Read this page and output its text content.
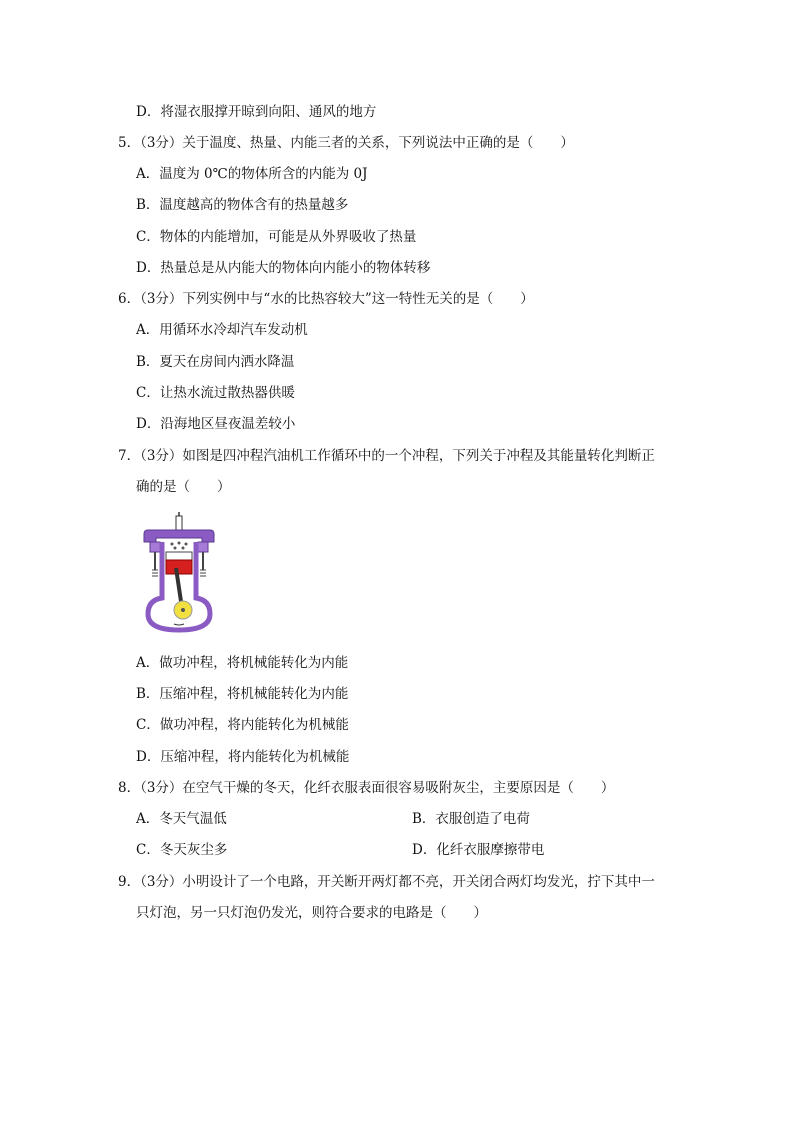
D．将湿衣服撑开晾到向阳、通风的地方
5．（3分）关于温度、热量、内能三者的关系，下列说法中正确的是（　　）
A．温度为 0℃的物体所含的内能为 0J
B．温度越高的物体含有的热量越多
C．物体的内能增加，可能是从外界吸收了热量
D．热量总是从内能大的物体向内能小的物体转移
6．（3分）下列实例中与“水的比热容较大”这一特性无关的是（　　）
A．用循环水冷却汽车发动机
B．夏天在房间内洒水降温
C．让热水流过散热器供暖
D．沿海地区昼夜温差较小
7．（3分）如图是四冲程汽油机工作循环中的一个冲程，下列关于冲程及其能量转化判断正
确的是（　　）
A．做功冲程，将机械能转化为内能
B．压缩冲程，将机械能转化为内能
C．做功冲程，将内能转化为机械能
D．压缩冲程，将内能转化为机械能
8．（3分）在空气干燥的冬天，化纤衣服表面很容易吸附灰尘，主要原因是（　　）
A．冬天气温低	B．衣服创造了电荷
C．冬天灰尘多	D．化纤衣服摩擦带电
9．（3分）小明设计了一个电路，开关断开两灯都不亮，开关闭合两灯均发光，拧下其中一
只灯泡，另一只灯泡仍发光，则符合要求的电路是（　　）
